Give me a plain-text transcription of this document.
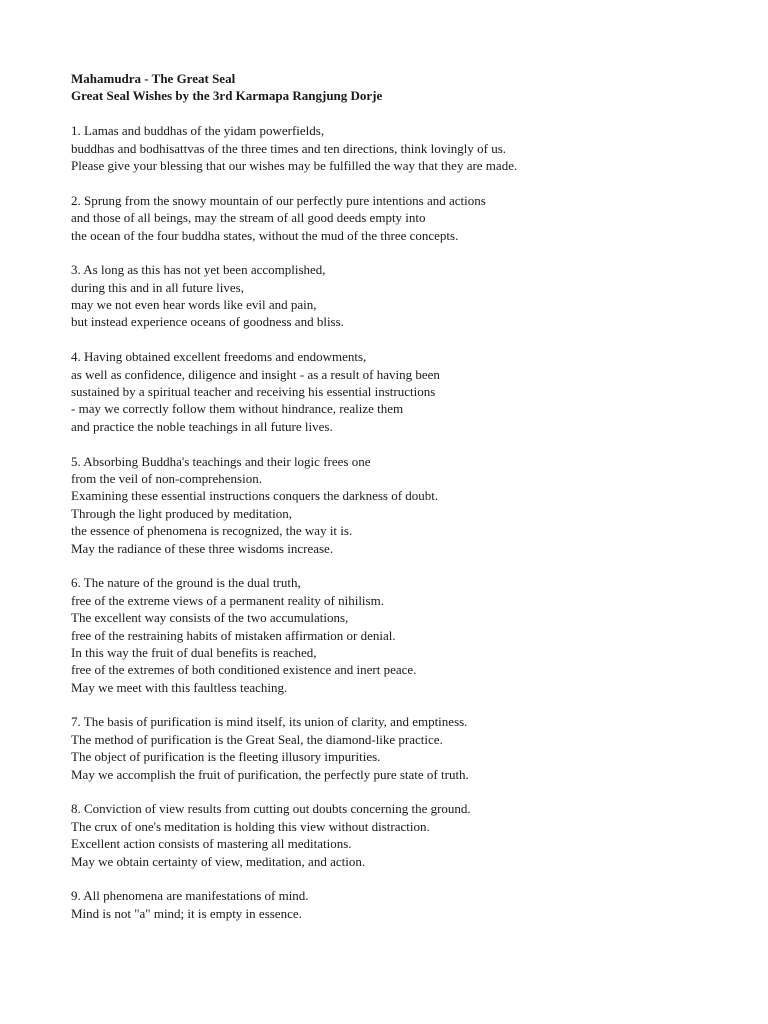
Mahamudra - The Great Seal
Great Seal Wishes by the 3rd Karmapa Rangjung Dorje
1. Lamas and buddhas of the yidam powerfields,
buddhas and bodhisattvas of the three times and ten directions, think lovingly of us.
Please give your blessing that our wishes may be fulfilled the way that they are made.
2. Sprung from the snowy mountain of our perfectly pure intentions and actions
and those of all beings, may the stream of all good deeds empty into
the ocean of the four buddha states, without the mud of the three concepts.
3. As long as this has not yet been accomplished,
during this and in all future lives,
may we not even hear words like evil and pain,
but instead experience oceans of goodness and bliss.
4. Having obtained excellent freedoms and endowments,
as well as confidence, diligence and insight - as a result of having been
sustained by a spiritual teacher and receiving his essential instructions
- may we correctly follow them without hindrance, realize them
and practice the noble teachings in all future lives.
5. Absorbing Buddha's teachings and their logic frees one
from the veil of non-comprehension.
Examining these essential instructions conquers the darkness of doubt.
Through the light produced by meditation,
the essence of phenomena is recognized, the way it is.
May the radiance of these three wisdoms increase.
6. The nature of the ground is the dual truth,
free of the extreme views of a permanent reality of nihilism.
The excellent way consists of the two accumulations,
free of the restraining habits of mistaken affirmation or denial.
In this way the fruit of dual benefits is reached,
free of the extremes of both conditioned existence and inert peace.
May we meet with this faultless teaching.
7. The basis of purification is mind itself, its union of clarity, and emptiness.
The method of purification is the Great Seal, the diamond-like practice.
The object of purification is the fleeting illusory impurities.
May we accomplish the fruit of purification, the perfectly pure state of truth.
8. Conviction of view results from cutting out doubts concerning the ground.
The crux of one's meditation is holding this view without distraction.
Excellent action consists of mastering all meditations.
May we obtain certainty of view, meditation, and action.
9. All phenomena are manifestations of mind.
Mind is not "a" mind; it is empty in essence.
